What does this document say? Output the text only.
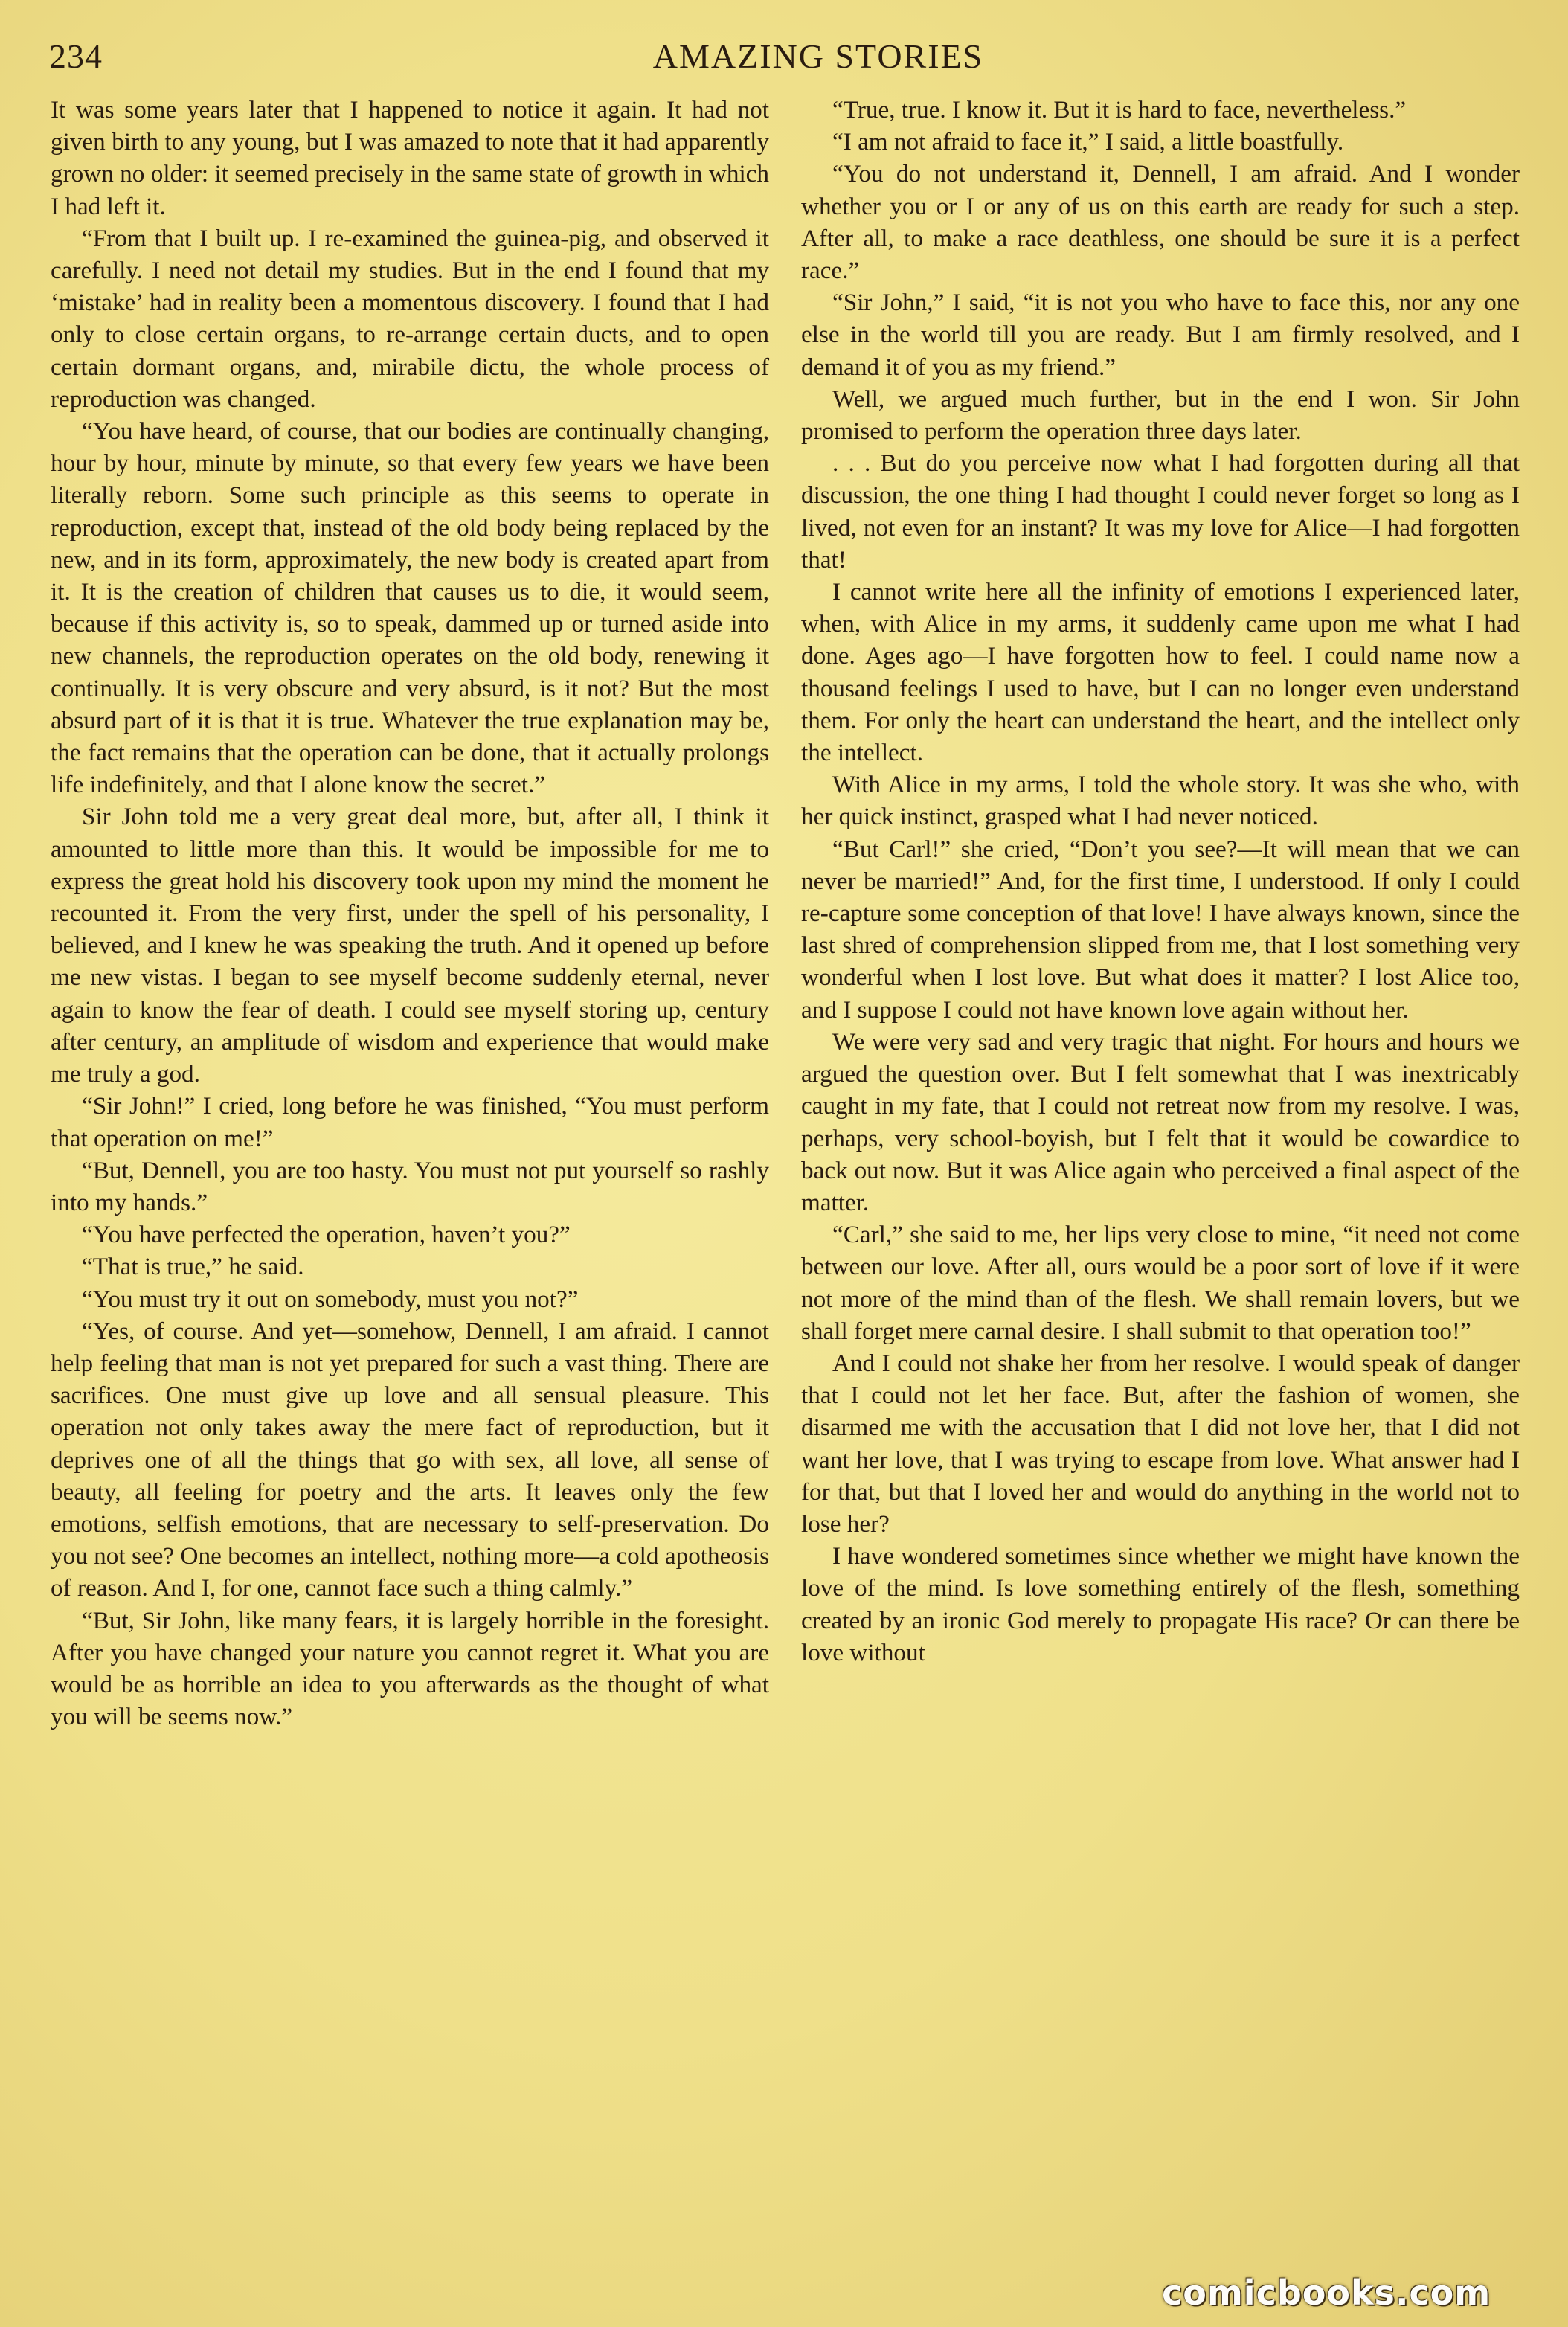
234	AMAZING STORIES

It was some years later that I happened to notice it again. It had not given birth to any young, but I was amazed to note that it had apparently grown no older: it seemed precisely in the same state of growth in which I had left it.

“From that I built up. I re-examined the guinea-pig, and observed it carefully. I need not detail my studies. But in the end I found that my ‘mistake’ had in reality been a momentous discovery. I found that I had only to close certain organs, to re-arrange certain ducts, and to open certain dormant organs, and, mirabile dictu, the whole process of reproduction was changed.

“You have heard, of course, that our bodies are continually changing, hour by hour, minute by minute, so that every few years we have been literally reborn. Some such principle as this seems to operate in reproduction, except that, instead of the old body being replaced by the new, and in its form, approximately, the new body is created apart from it. It is the creation of children that causes us to die, it would seem, because if this activity is, so to speak, dammed up or turned aside into new channels, the reproduction operates on the old body, renewing it continually. It is very obscure and very absurd, is it not? But the most absurd part of it is that it is true. Whatever the true explanation may be, the fact remains that the operation can be done, that it actually prolongs life indefinitely, and that I alone know the secret.”

Sir John told me a very great deal more, but, after all, I think it amounted to little more than this. It would be impossible for me to express the great hold his discovery took upon my mind the moment he recounted it. From the very first, under the spell of his personality, I believed, and I knew he was speaking the truth. And it opened up before me new vistas. I began to see myself become suddenly eternal, never again to know the fear of death. I could see myself storing up, century after century, an amplitude of wisdom and experience that would make me truly a god.

“Sir John!” I cried, long before he was finished, “You must perform that operation on me!”

“But, Dennell, you are too hasty. You must not put yourself so rashly into my hands.”

“You have perfected the operation, haven’t you?”

“That is true,” he said.

“You must try it out on somebody, must you not?”

“Yes, of course. And yet—somehow, Dennell, I am afraid. I cannot help feeling that man is not yet prepared for such a vast thing. There are sacrifices. One must give up love and all sensual pleasure. This operation not only takes away the mere fact of reproduction, but it deprives one of all the things that go with sex, all love, all sense of beauty, all feeling for poetry and the arts. It leaves only the few emotions, selfish emotions, that are necessary to self-preservation. Do you not see? One becomes an intellect, nothing more—a cold apotheosis of reason. And I, for one, cannot face such a thing calmly.”

“But, Sir John, like many fears, it is largely horrible in the foresight. After you have changed your nature you cannot regret it. What you are would be as horrible an idea to you afterwards as the thought of what you will be seems now.”

“True, true. I know it. But it is hard to face, nevertheless.”

“I am not afraid to face it,” I said, a little boastfully.

“You do not understand it, Dennell, I am afraid. And I wonder whether you or I or any of us on this earth are ready for such a step. After all, to make a race deathless, one should be sure it is a perfect race.”

“Sir John,” I said, “it is not you who have to face this, nor any one else in the world till you are ready. But I am firmly resolved, and I demand it of you as my friend.”

Well, we argued much further, but in the end I won. Sir John promised to perform the operation three days later.

. . . But do you perceive now what I had forgotten during all that discussion, the one thing I had thought I could never forget so long as I lived, not even for an instant? It was my love for Alice—I had forgotten that!

I cannot write here all the infinity of emotions I experienced later, when, with Alice in my arms, it suddenly came upon me what I had done. Ages ago—I have forgotten how to feel. I could name now a thousand feelings I used to have, but I can no longer even understand them. For only the heart can understand the heart, and the intellect only the intellect.

With Alice in my arms, I told the whole story. It was she who, with her quick instinct, grasped what I had never noticed.

“But Carl!” she cried, “Don’t you see?—It will mean that we can never be married!” And, for the first time, I understood. If only I could re-capture some conception of that love! I have always known, since the last shred of comprehension slipped from me, that I lost something very wonderful when I lost love. But what does it matter? I lost Alice too, and I suppose I could not have known love again without her.

We were very sad and very tragic that night. For hours and hours we argued the question over. But I felt somewhat that I was inextricably caught in my fate, that I could not retreat now from my resolve. I was, perhaps, very school-boyish, but I felt that it would be cowardice to back out now. But it was Alice again who perceived a final aspect of the matter.

“Carl,” she said to me, her lips very close to mine, “it need not come between our love. After all, ours would be a poor sort of love if it were not more of the mind than of the flesh. We shall remain lovers, but we shall forget mere carnal desire. I shall submit to that operation too!”

And I could not shake her from her resolve. I would speak of danger that I could not let her face. But, after the fashion of women, she disarmed me with the accusation that I did not love her, that I did not want her love, that I was trying to escape from love. What answer had I for that, but that I loved her and would do anything in the world not to lose her?

I have wondered sometimes since whether we might have known the love of the mind. Is love something entirely of the flesh, something created by an ironic God merely to propagate His race? Or can there be love without

comicbooks.com
